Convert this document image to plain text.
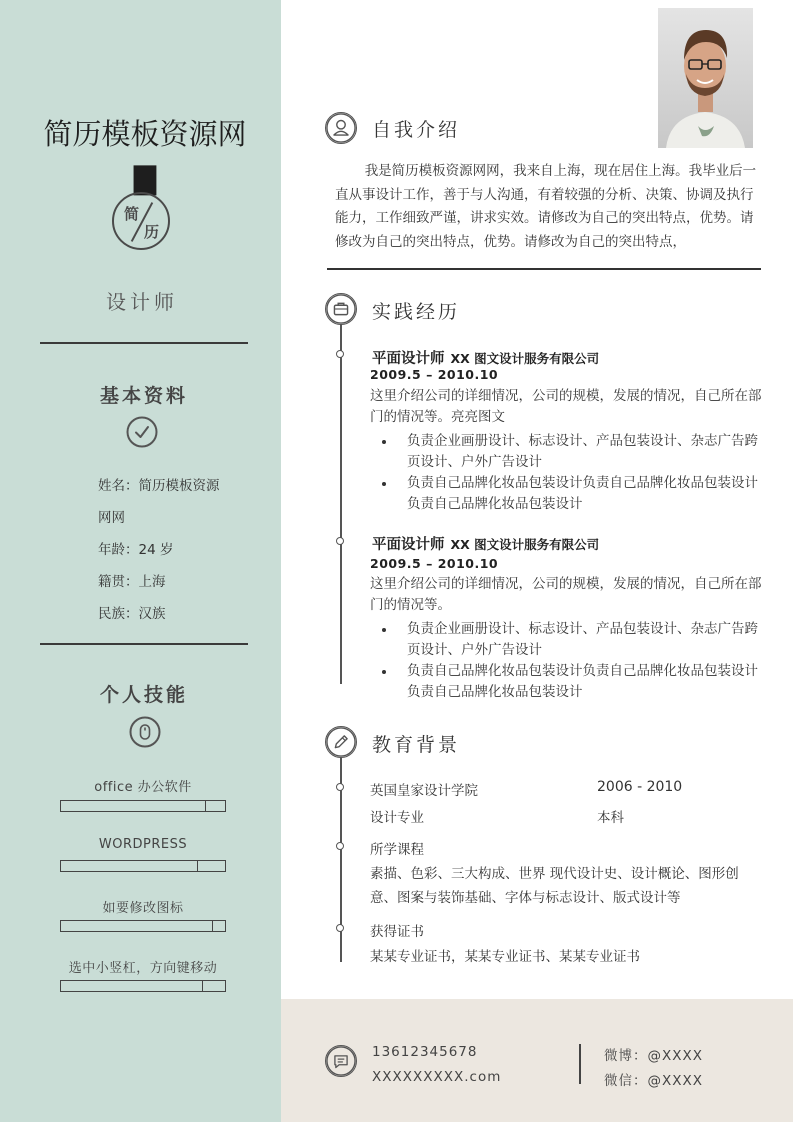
简历模板资源网
简
历
设计师
基本资料
姓名：简历模板资源
网网
年龄：24 岁
籍贯：上海
民族：汉族
个人技能
office 办公软件
WORDPRESS
如要修改图标
选中小竖杠，方向键移动
自我介绍
我是简历模板资源网网，我来自上海，现在居住上海。我毕业后一直从事设计工作，善于与人沟通，有着较强的分析、决策、协调及执行能力，工作细致严谨，讲求实效。请修改为自己的突出特点，优势。请修改为自己的突出特点，优势。请修改为自己的突出特点，
实践经历
平面设计师 XX 图文设计服务有限公司
2009.5 – 2010.10
这里介绍公司的详细情况，公司的规模，发展的情况，自己所在部门的情况等。亮亮图文
负责企业画册设计、标志设计、产品包装设计、杂志广告跨页设计、户外广告设计
负责自己品牌化妆品包装设计负责自己品牌化妆品包装设计负责自己品牌化妆品包装设计
平面设计师 XX 图文设计服务有限公司
2009.5 – 2010.10
这里介绍公司的详细情况，公司的规模，发展的情况，自己所在部门的情况等。
负责企业画册设计、标志设计、产品包装设计、杂志广告跨页设计、户外广告设计
负责自己品牌化妆品包装设计负责自己品牌化妆品包装设计负责自己品牌化妆品包装设计
教育背景
英国皇家设计学院	2006 - 2010
设计专业	本科
所学课程
素描、色彩、三大构成、世界 现代设计史、设计概论、图形创意、图案与装饰基础、字体与标志设计、版式设计等
获得证书
某某专业证书，某某专业证书、某某专业证书
13612345678
XXXXXXXXX.com
微博：@XXXX
微信：@XXXX
